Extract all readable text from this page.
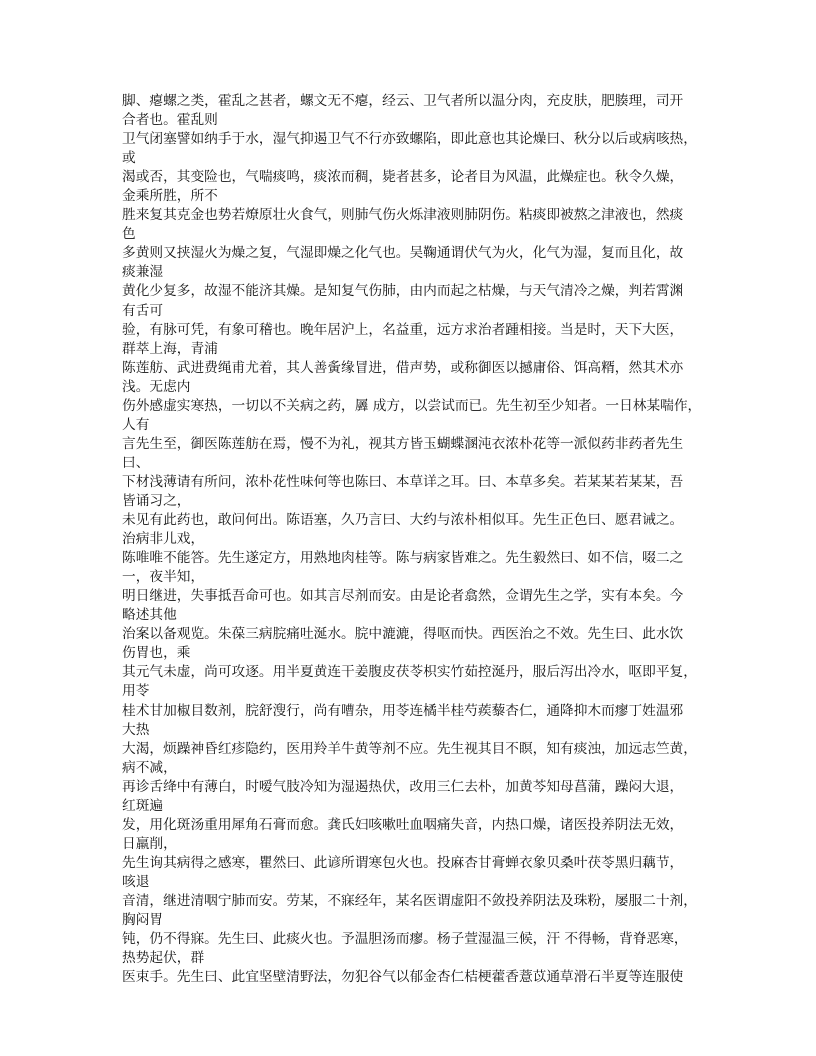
脚、瘪螺之类，霍乱之甚者，螺文无不瘪，经云、卫气者所以温分肉，充皮肤，肥腠理，司开
合者也。霍乱则
卫气闭塞譬如纳手于水，湿气抑遏卫气不行亦致螺陷，即此意也其论燥曰、秋分以后或病咳热，
或
渴或否，其变险也，气喘痰鸣，痰浓而稠，毙者甚多，论者目为风温，此燥症也。秋令久燥，
金乘所胜，所不
胜来复其克金也势若燎原壮火食气，则肺气伤火烁津液则肺阴伤。粘痰即被熬之津液也，然痰
色
多黄则又挟湿火为燥之复，气湿即燥之化气也。吴鞠通谓伏气为火，化气为湿，复而且化，故
痰兼湿
黄化少复多，故湿不能济其燥。是知复气伤肺，由内而起之枯燥，与天气清冷之燥，判若霄渊
有舌可
验，有脉可凭，有象可稽也。晚年居沪上，名益重，远方求治者踵相接。当是时，天下大医，
群萃上海，青浦
陈莲舫、武进费绳甫尤着，其人善夤缘冒进，借声势，或称御医以撼庸俗、饵高糈，然其术亦
浅。无虑内
伤外感虚实寒热，一切以不关病之药，羼 成方，以尝试而已。先生初至少知者。一日林某喘作，
人有
言先生至，御医陈莲舫在焉，慢不为礼，视其方皆玉蝴蝶溷沌衣浓朴花等一派似药非药者先生
曰、
下材浅薄请有所问，浓朴花性味何等也陈曰、本草详之耳。曰、本草多矣。若某某若某某，吾
皆诵习之，
未见有此药也，敢问何出。陈语塞，久乃言曰、大约与浓朴相似耳。先生正色曰、愿君诫之。
治病非儿戏，
陈唯唯不能答。先生遂定方，用熟地肉桂等。陈与病家皆难之。先生毅然曰、如不信，啜二之
一，夜半知，
明日继进，失事抵吾命可也。如其言尽剂而安。由是论者翕然，佥谓先生之学，实有本矣。今
略述其他
治案以备观览。朱葆三病脘痛吐涎水。脘中漉漉，得呕而快。西医治之不效。先生曰、此水饮
伤胃也，乘
其元气未虚，尚可攻逐。用半夏黄连干姜腹皮茯苓枳实竹茹控涎丹，服后泻出冷水，呕即平复，
用苓
桂术甘加椒目数剂，脘舒溲行，尚有嘈杂，用苓连橘半桂芍蒺藜杏仁，通降抑木而瘳丁姓温邪
大热
大渴，烦躁神昏红疹隐约，医用羚羊牛黄等剂不应。先生视其目不瞑，知有痰浊，加远志竺黄，
病不减，
再诊舌绛中有薄白，时嗳气肢冷知为湿遏热伏，改用三仁去朴，加黄芩知母菖蒲，躁闷大退，
红斑遍
发，用化斑汤重用犀角石膏而愈。龚氏妇咳嗽吐血咽痛失音，内热口燥，诸医投养阴法无效，
日羸削，
先生询其病得之感寒，瞿然曰、此谚所谓寒包火也。投麻杏甘膏蝉衣象贝桑叶茯苓黑归藕节，
咳退
音清，继进清咽宁肺而安。劳某，不寐经年，某名医谓虚阳不敛投养阴法及珠粉，屡服二十剂，
胸闷胃
钝，仍不得寐。先生曰、此痰火也。予温胆汤而瘳。杨子萱湿温三候，汗 不得畅，背脊恶寒，
热势起伏，群
医束手。先生曰、此宜坚壁清野法，勿犯谷气以郁金杏仁桔梗藿香薏苡通草滑石半夏等连服使
